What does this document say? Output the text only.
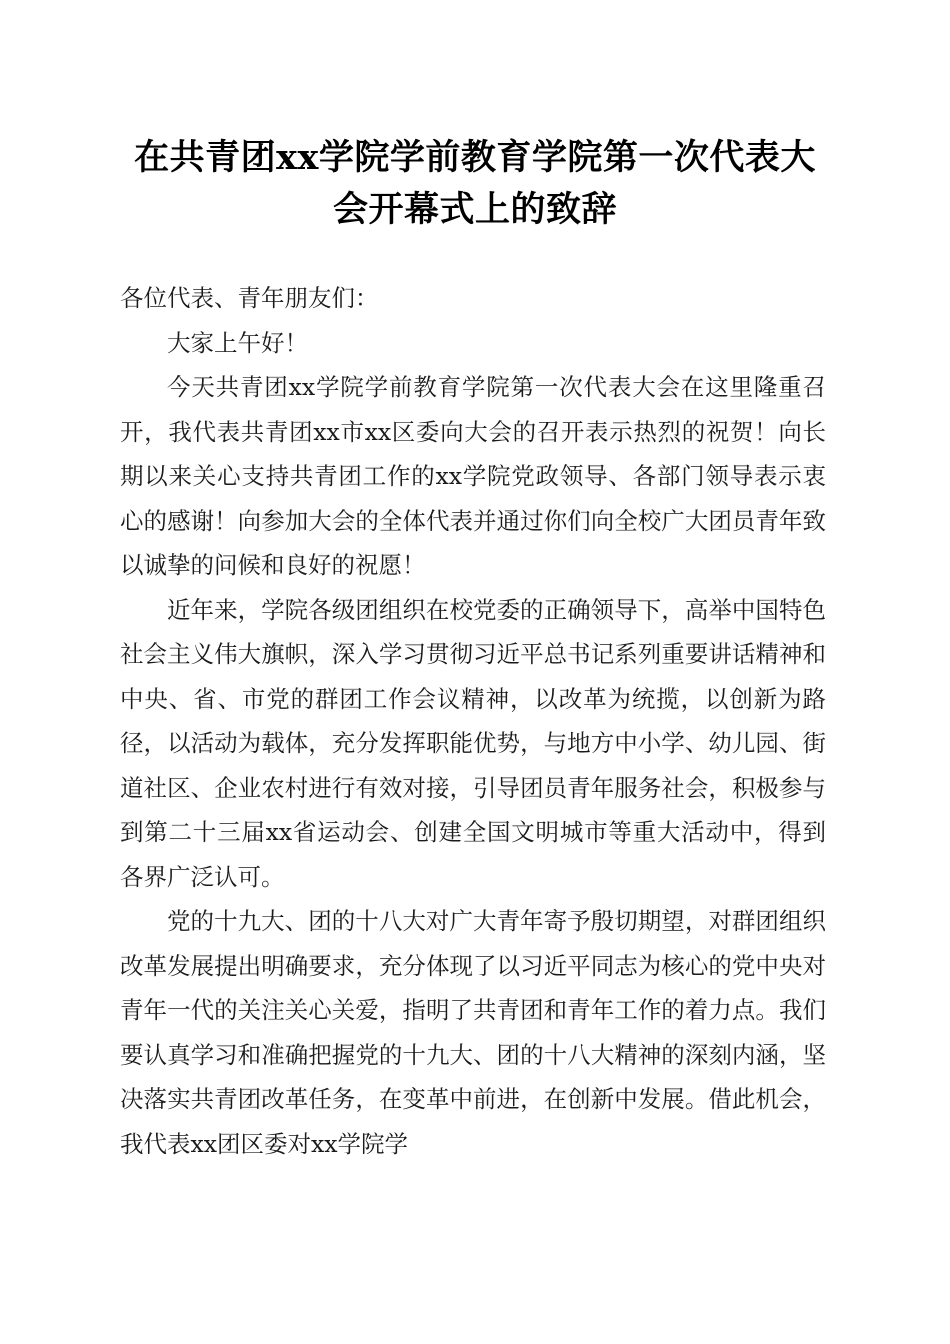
在共青团xx学院学前教育学院第一次代表大
会开幕式上的致辞

各位代表、青年朋友们：

大家上午好！

今天共青团xx学院学前教育学院第一次代表大会在这里隆重召开，我代表共青团xx市xx区委向大会的召开表示热烈的祝贺！向长期以来关心支持共青团工作的xx学院党政领导、各部门领导表示衷心的感谢！向参加大会的全体代表并通过你们向全校广大团员青年致以诚挚的问候和良好的祝愿！

近年来，学院各级团组织在校党委的正确领导下，高举中国特色社会主义伟大旗帜，深入学习贯彻习近平总书记系列重要讲话精神和中央、省、市党的群团工作会议精神，以改革为统揽，以创新为路径，以活动为载体，充分发挥职能优势，与地方中小学、幼儿园、街道社区、企业农村进行有效对接，引导团员青年服务社会，积极参与到第二十三届xx省运动会、创建全国文明城市等重大活动中，得到各界广泛认可。

党的十九大、团的十八大对广大青年寄予殷切期望，对群团组织改革发展提出明确要求，充分体现了以习近平同志为核心的党中央对青年一代的关注关心关爱，指明了共青团和青年工作的着力点。我们要认真学习和准确把握党的十九大、团的十八大精神的深刻内涵，坚决落实共青团改革任务，在变革中前进，在创新中发展。借此机会，我代表xx团区委对xx学院学
